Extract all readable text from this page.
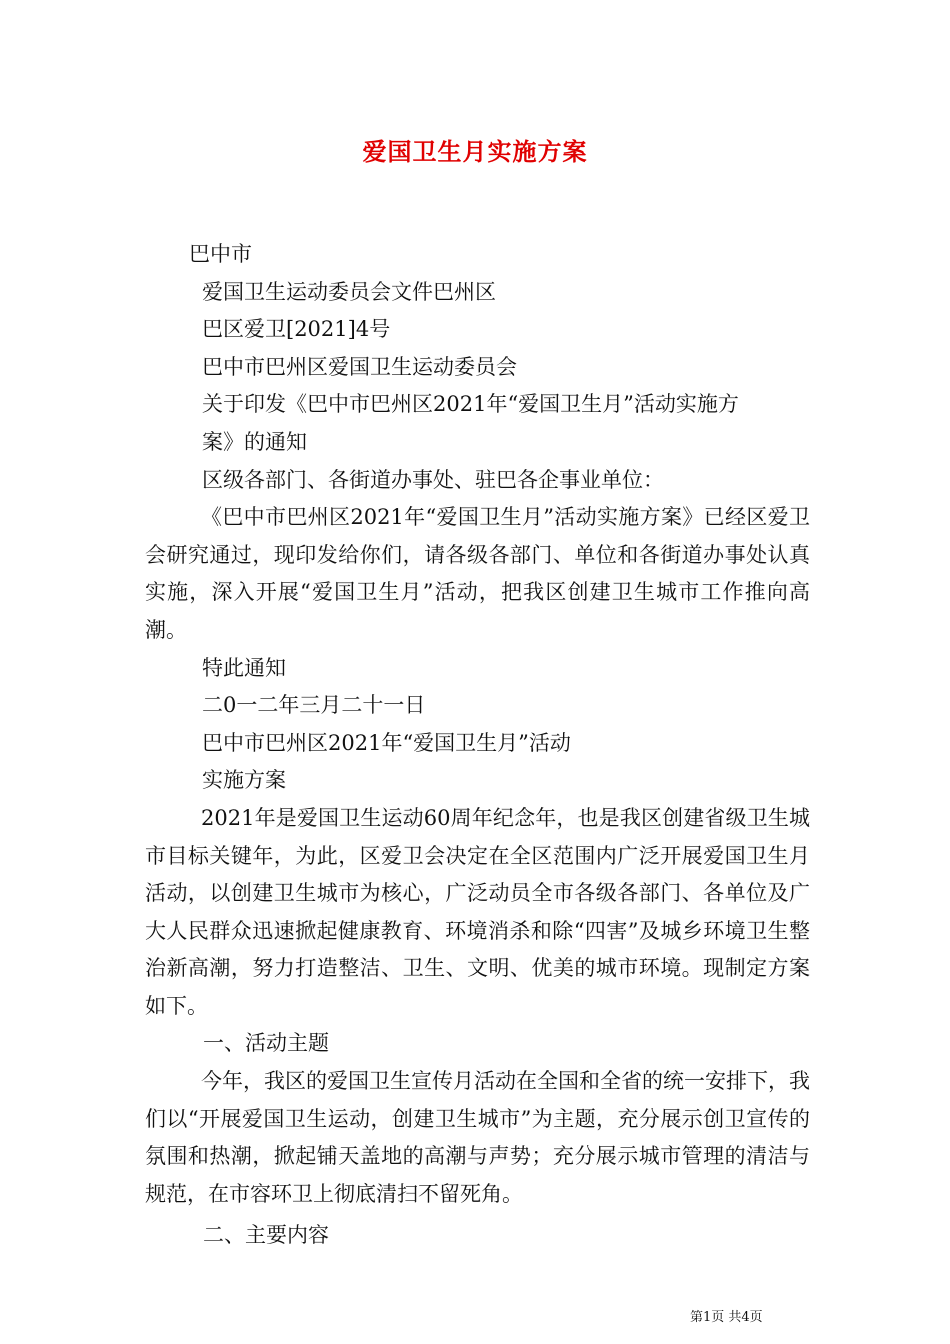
爱国卫生月实施方案
巴中市
爱国卫生运动委员会文件巴州区
巴区爱卫[2021]4号
巴中市巴州区爱国卫生运动委员会
关于印发《巴中市巴州区2021年“爱国卫生月”活动实施方
案》的通知
区级各部门、各街道办事处、驻巴各企事业单位：
《巴中市巴州区2021年“爱国卫生月”活动实施方案》已经区爱卫会研究通过，现印发给你们，请各级各部门、单位和各街道办事处认真实施，深入开展“爱国卫生月”活动，把我区创建卫生城市工作推向高潮。
特此通知
二0一二年三月二十一日
巴中市巴州区2021年“爱国卫生月”活动
实施方案
2021年是爱国卫生运动60周年纪念年，也是我区创建省级卫生城市目标关键年，为此，区爱卫会决定在全区范围内广泛开展爱国卫生月活动，以创建卫生城市为核心，广泛动员全市各级各部门、各单位及广大人民群众迅速掀起健康教育、环境消杀和除“四害”及城乡环境卫生整治新高潮，努力打造整洁、卫生、文明、优美的城市环境。现制定方案如下。
一、活动主题
今年，我区的爱国卫生宣传月活动在全国和全省的统一安排下，我们以“开展爱国卫生运动，创建卫生城市”为主题，充分展示创卫宣传的氛围和热潮，掀起铺天盖地的高潮与声势；充分展示城市管理的清洁与规范，在市容环卫上彻底清扫不留死角。
二、主要内容
第1页 共4页
